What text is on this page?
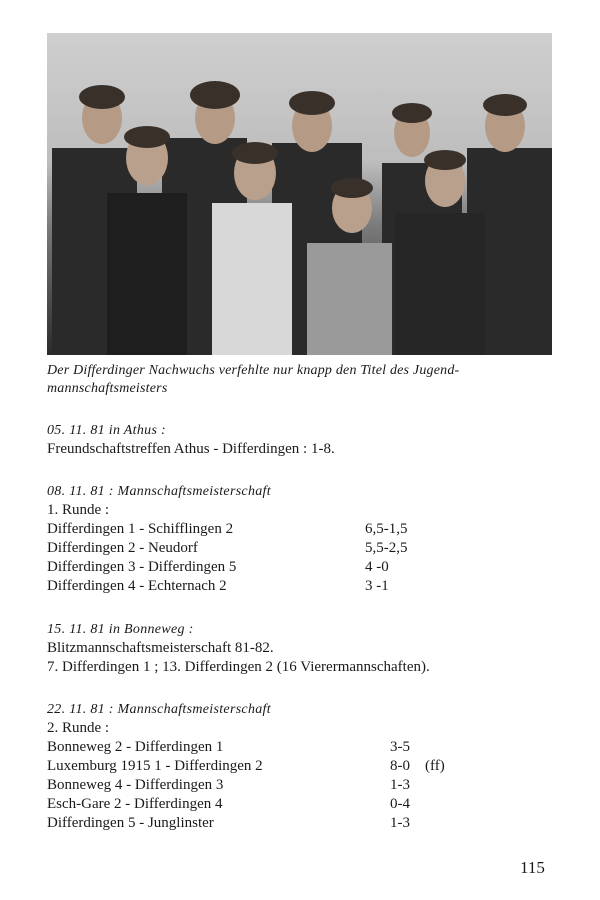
Der Differdinger Nachwuchs verfehlte nur knapp den Titel des Jugend-
mannschaftsmeisters
05. 11. 81 in Athus :
Freundschaftstreffen Athus - Differdingen : 1-8.
08. 11. 81 : Mannschaftsmeisterschaft
1. Runde :
Differdingen 1 - Schifflingen 2	6,5-1,5
Differdingen 2 - Neudorf	5,5-2,5
Differdingen 3 - Differdingen 5	4 -0
Differdingen 4 - Echternach 2	3 -1
15. 11. 81 in Bonneweg :
Blitzmannschaftsmeisterschaft 81-82.
7. Differdingen 1 ; 13. Differdingen 2 (16 Vierermannschaften).
22. 11. 81 : Mannschaftsmeisterschaft
2. Runde :
Bonneweg 2 - Differdingen 1	3-5
Luxemburg 1915 1 - Differdingen 2	8-0 (ff)
Bonneweg 4 - Differdingen 3	1-3
Esch-Gare 2 - Differdingen 4	0-4
Differdingen 5 - Junglinster	1-3
115
